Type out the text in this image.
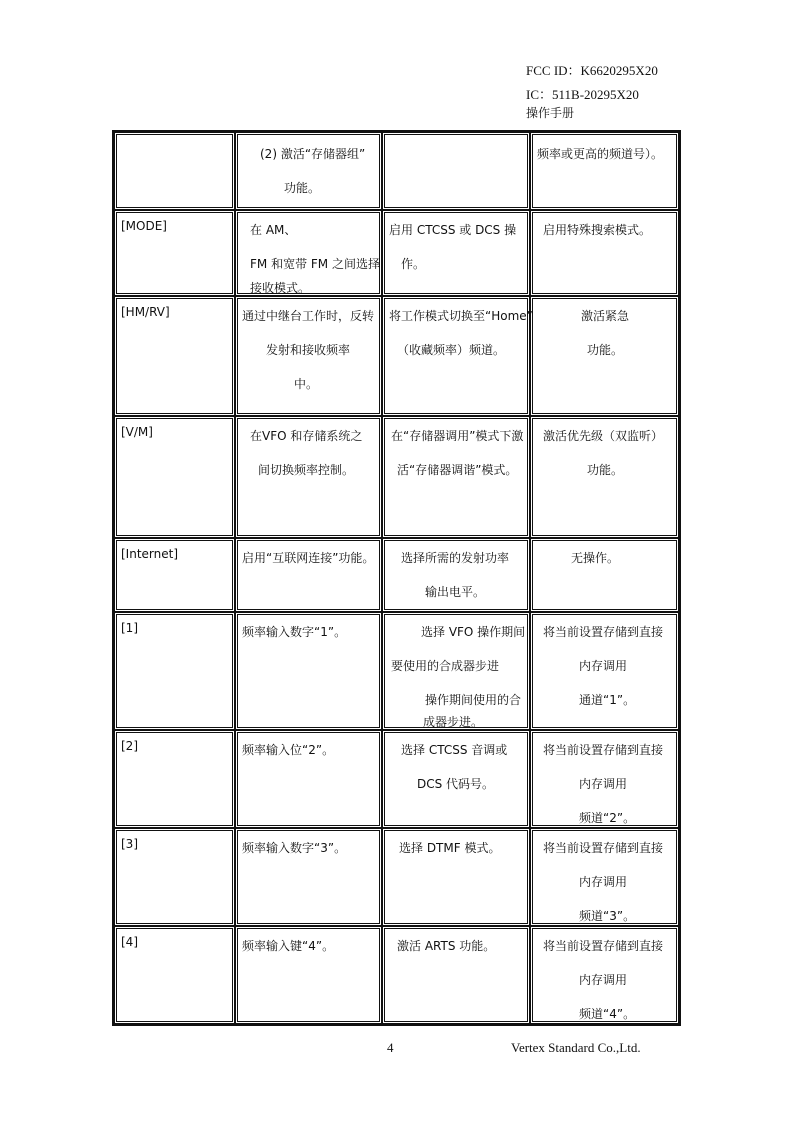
FCC ID：K6620295X20
IC：511B-20295X20
操作手册

	(2) 激活“存储器组”
功能。		频率或更高的频道号）。

[MODE]	在 AM、
FM 和宽带 FM 之间选择
接收模式。	启用 CTCSS 或 DCS 操
作。	启用特殊搜索模式。

[HM/RV]	通过中继台工作时，反转
发射和接收频率
中。	将工作模式切换至“Home”
（收藏频率）频道。	激活紧急
功能。

[V/M]	在VFO 和存储系统之
间切换频率控制。	在“存储器调用”模式下激
活“存储器调谐”模式。	激活优先级（双监听）
功能。

[Internet]	启用“互联网连接”功能。	选择所需的发射功率
输出电平。	无操作。

[1]	频率输入数字“1”。	选择 VFO 操作期间
要使用的合成器步进
操作期间使用的合
成器步进。	将当前设置存储到直接
内存调用
通道“1”。

[2]	频率输入位“2”。	选择 CTCSS 音调或
DCS 代码号。	将当前设置存储到直接
内存调用
频道“2”。

[3]	频率输入数字“3”。	选择 DTMF 模式。	将当前设置存储到直接
内存调用
频道“3”。

[4]	频率输入键“4”。	激活 ARTS 功能。	将当前设置存储到直接
内存调用
频道“4”。
4	Vertex Standard Co.,Ltd.
